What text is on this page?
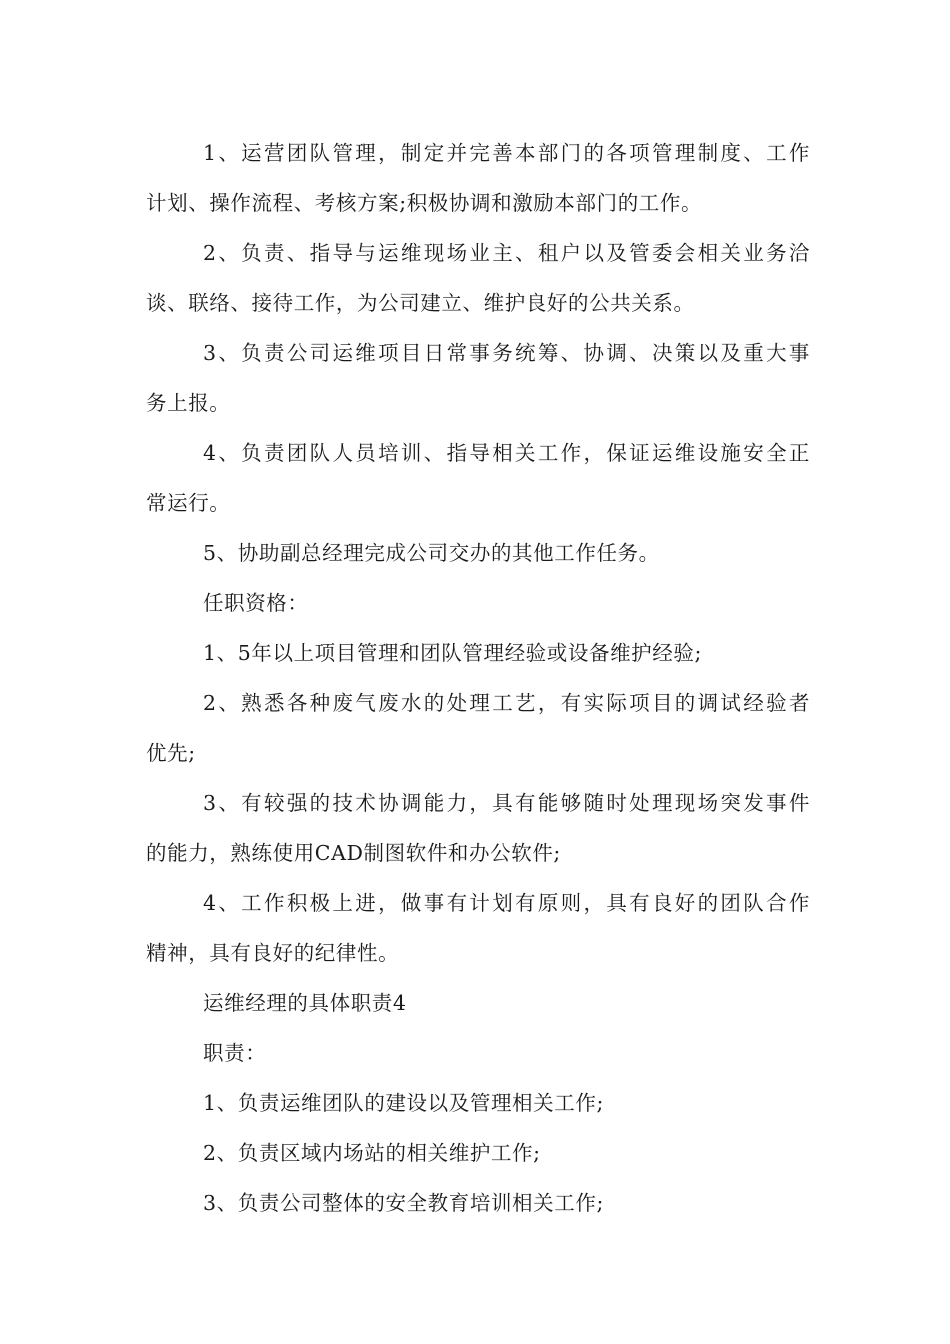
1、运营团队管理，制定并完善本部门的各项管理制度、工作
计划、操作流程、考核方案;积极协调和激励本部门的工作。

2、负责、指导与运维现场业主、租户以及管委会相关业务洽
谈、联络、接待工作，为公司建立、维护良好的公共关系。

3、负责公司运维项目日常事务统筹、协调、决策以及重大事
务上报。

4、负责团队人员培训、指导相关工作，保证运维设施安全正
常运行。

5、协助副总经理完成公司交办的其他工作任务。

任职资格：

1、5年以上项目管理和团队管理经验或设备维护经验;

2、熟悉各种废气废水的处理工艺，有实际项目的调试经验者
优先;

3、有较强的技术协调能力，具有能够随时处理现场突发事件
的能力，熟练使用CAD制图软件和办公软件;

4、工作积极上进，做事有计划有原则，具有良好的团队合作
精神，具有良好的纪律性。

运维经理的具体职责4

职责：

1、负责运维团队的建设以及管理相关工作;

2、负责区域内场站的相关维护工作;

3、负责公司整体的安全教育培训相关工作;
